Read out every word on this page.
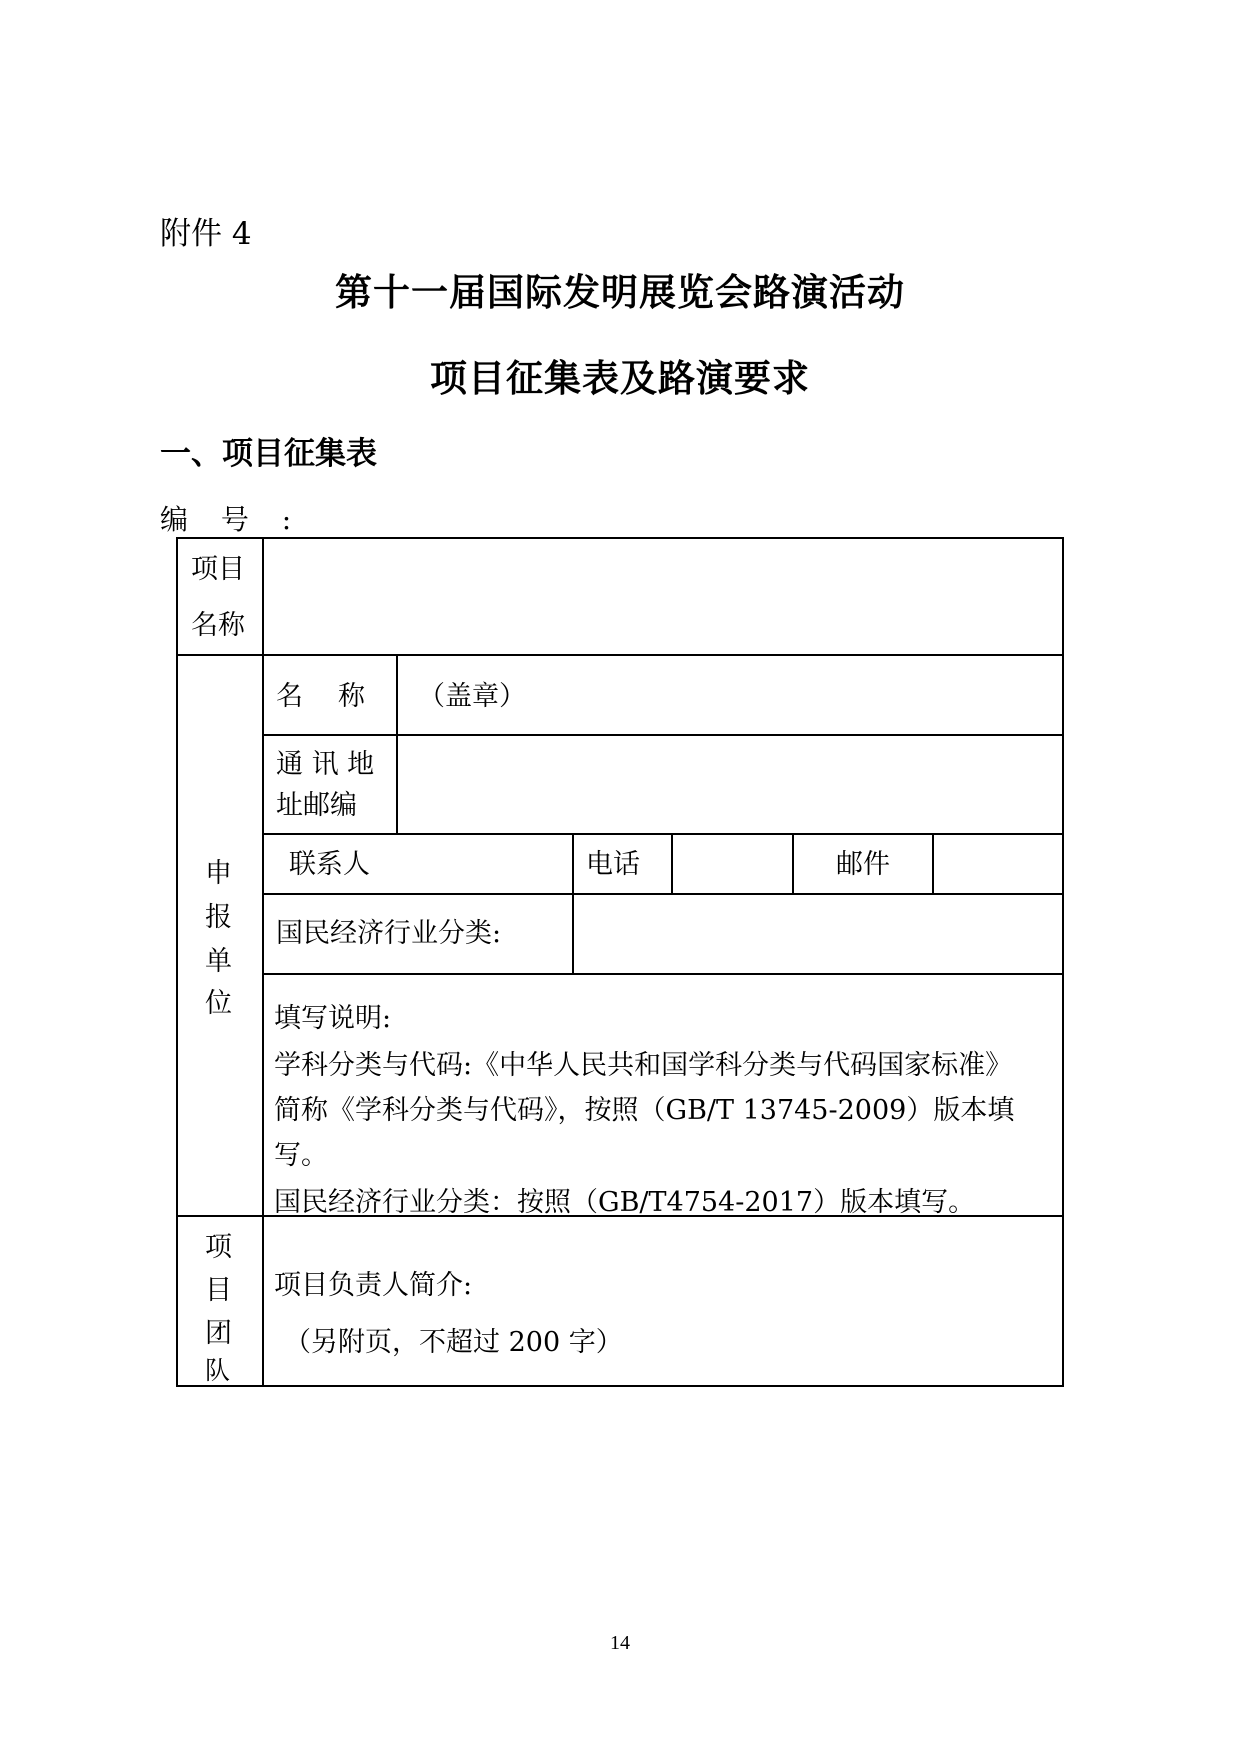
附件 4
第十一届国际发明展览会路演活动
项目征集表及路演要求
一、项目征集表
编 号 :
项目
名称
申
报
单
位
名　称 （盖章）
通 讯 地
址邮编
联系人	电话	邮件
国民经济行业分类:
填写说明:
学科分类与代码:《中华人民共和国学科分类与代码国家标准》
简称《学科分类与代码》，按照（GB/T 13745-2009）版本填
写。
国民经济行业分类：按照（GB/T4754-2017）版本填写。
项
目
团
队
项目负责人简介:
（另附页，不超过 200 字）
14
